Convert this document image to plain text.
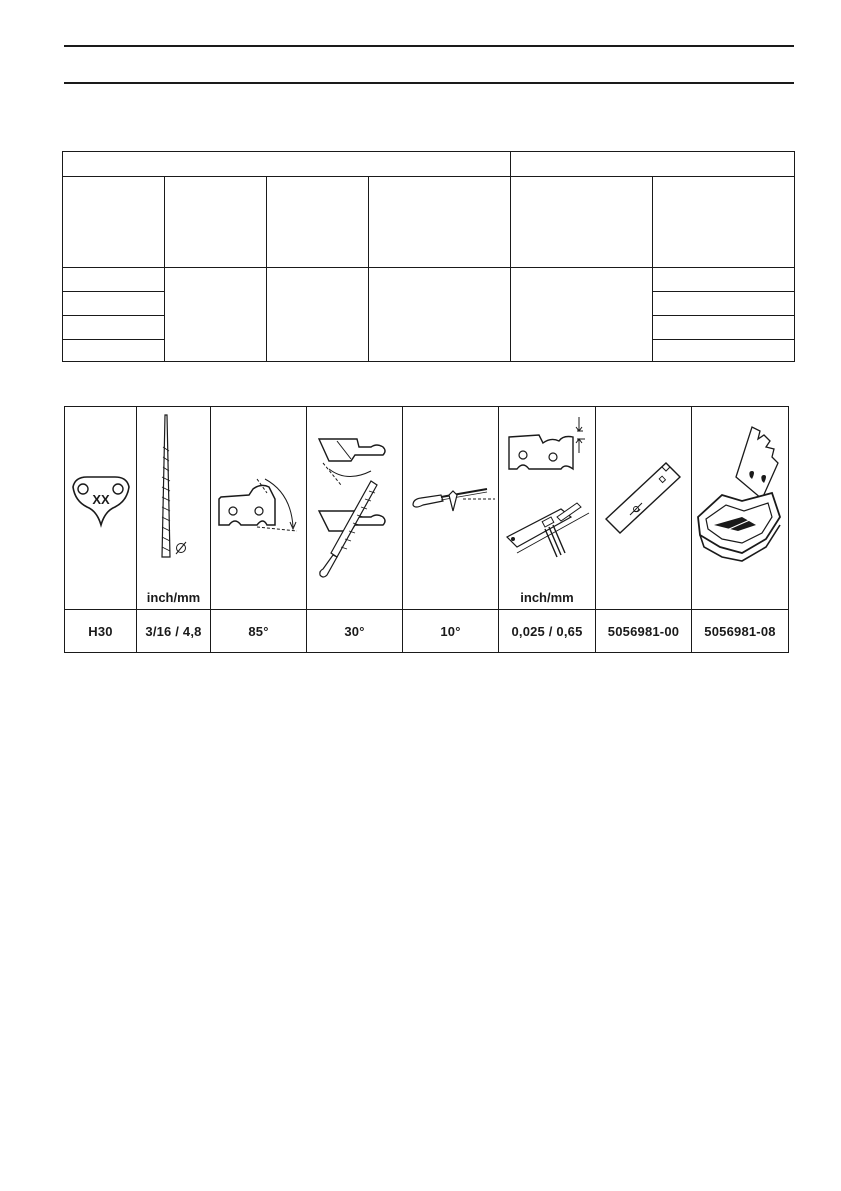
XX	inch/mm				inch/mm

H30	3/16 / 4,8	85°	30°	10°	0,025 / 0,65	5056981-00	5056981-08
